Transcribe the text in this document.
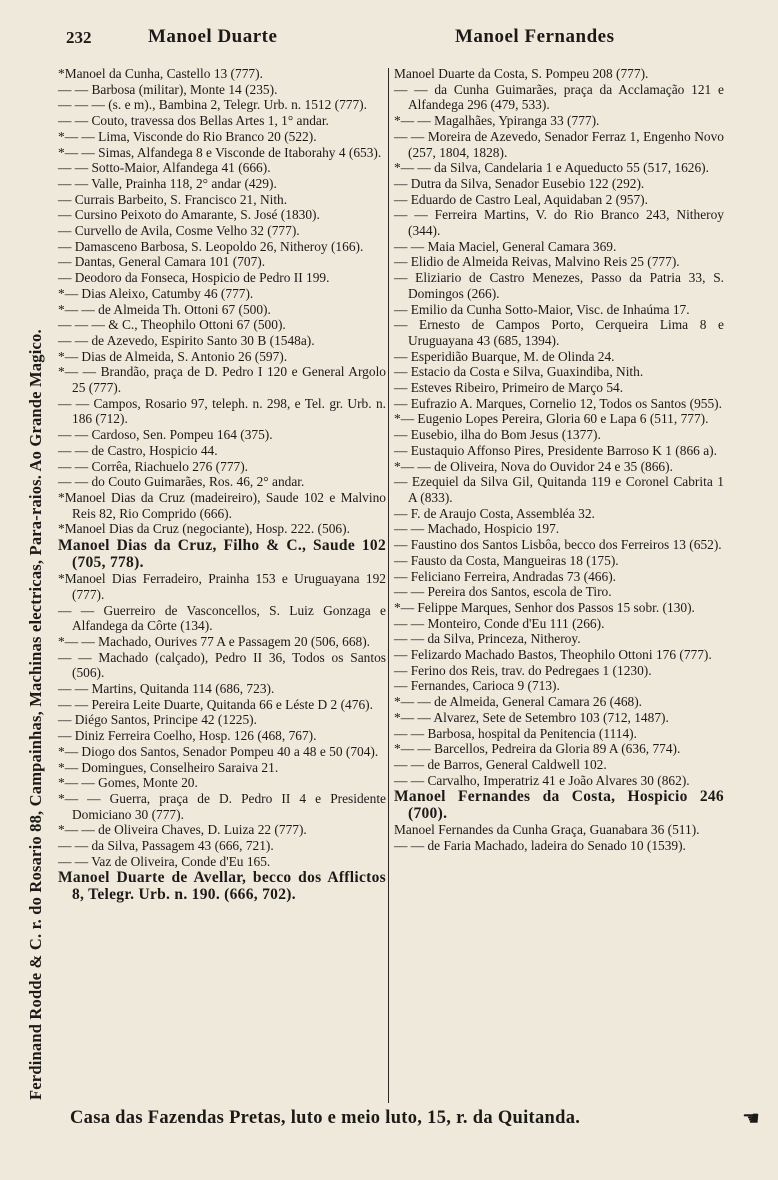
232	Manoel Duarte	Manoel Fernandes
Ferdinand Rodde & C. r. do Rosario 88, Campainhas, Machinas electricas, Para-raios. Ao Grande Magico.

*Manoel da Cunha, Castello 13 (777).

— — Barbosa (militar), Monte 14 (235).

— — — (s. e m)., Bambina 2, Telegr. Urb. n. 1512 (777).

— — Couto, travessa dos Bellas Artes 1, 1° andar.

*— — Lima, Visconde do Rio Branco 20 (522).

*— — Simas, Alfandega 8 e Visconde de Itaborahy 4 (653).

— — Sotto-Maior, Alfandega 41 (666).

— — Valle, Prainha 118, 2° andar (429).

— Currais Barbeito, S. Francisco 21, Nith.

— Cursino Peixoto do Amarante, S. José (1830).

— Curvello de Avila, Cosme Velho 32 (777).

— Damasceno Barbosa, S. Leopoldo 26, Nitheroy (166).

— Dantas, General Camara 101 (707).

— Deodoro da Fonseca, Hospicio de Pedro II 199.

*— Dias Aleixo, Catumby 46 (777).

*— — de Almeida Th. Ottoni 67 (500).

— — — & C., Theophilo Ottoni 67 (500).

— — de Azevedo, Espirito Santo 30 B (1548a).

*— Dias de Almeida, S. Antonio 26 (597).

*— — Brandão, praça de D. Pedro I 120 e General Argolo 25 (777).

— — Campos, Rosario 97, teleph. n. 298, e Tel. gr. Urb. n. 186 (712).

— — Cardoso, Sen. Pompeu 164 (375).

— — de Castro, Hospicio 44.

— — Corrêa, Riachuelo 276 (777).

— — do Couto Guimarães, Ros. 46, 2° andar.

*Manoel Dias da Cruz (madeireiro), Saude 102 e Malvino Reis 82, Rio Comprido (666).

*Manoel Dias da Cruz (negociante), Hosp. 222. (506).

Manoel Dias da Cruz, Filho & C., Saude 102 (705, 778).

*Manoel Dias Ferradeiro, Prainha 153 e Uruguayana 192 (777).

— — Guerreiro de Vasconcellos, S. Luiz Gonzaga e Alfandega da Côrte (134).

*— — Machado, Ourives 77 A e Passagem 20 (506, 668).

— — Machado (calçado), Pedro II 36, Todos os Santos (506).

— — Martins, Quitanda 114 (686, 723).

— — Pereira Leite Duarte, Quitanda 66 e Léste D 2 (476).

— Diégo Santos, Principe 42 (1225).

— Diniz Ferreira Coelho, Hosp. 126 (468, 767).

*— Diogo dos Santos, Senador Pompeu 40 a 48 e 50 (704).

*— Domingues, Conselheiro Saraiva 21.

*— — Gomes, Monte 20.

*— — Guerra, praça de D. Pedro II 4 e Presidente Domiciano 30 (777).

*— — de Oliveira Chaves, D. Luiza 22 (777).

— — da Silva, Passagem 43 (666, 721).

— — Vaz de Oliveira, Conde d'Eu 165.

Manoel Duarte de Avellar, becco dos Afflictos 8, Telegr. Urb. n. 190. (666, 702).

Manoel Duarte da Costa, S. Pompeu 208 (777).

— — da Cunha Guimarães, praça da Acclamação 121 e Alfandega 296 (479, 533).

*— — Magalhães, Ypiranga 33 (777).

— — Moreira de Azevedo, Senador Ferraz 1, Engenho Novo (257, 1804, 1828).

*— — da Silva, Candelaria 1 e Aqueducto 55 (517, 1626).

— Dutra da Silva, Senador Eusebio 122 (292).

— Eduardo de Castro Leal, Aquidaban 2 (957).

— — Ferreira Martins, V. do Rio Branco 243, Nitheroy (344).

— — Maia Maciel, General Camara 369.

— Elidio de Almeida Reivas, Malvino Reis 25 (777).

— Eliziario de Castro Menezes, Passo da Patria 33, S. Domingos (266).

— Emilio da Cunha Sotto-Maior, Visc. de Inhaúma 17.

— Ernesto de Campos Porto, Cerqueira Lima 8 e Uruguayana 43 (685, 1394).

— Esperidião Buarque, M. de Olinda 24.

— Estacio da Costa e Silva, Guaxindiba, Nith.

— Esteves Ribeiro, Primeiro de Março 54.

— Eufrazio A. Marques, Cornelio 12, Todos os Santos (955).

*— Eugenio Lopes Pereira, Gloria 60 e Lapa 6 (511, 777).

— Eusebio, ilha do Bom Jesus (1377).

— Eustaquio Affonso Pires, Presidente Barroso K 1 (866 a).

*— — de Oliveira, Nova do Ouvidor 24 e 35 (866).

— Ezequiel da Silva Gil, Quitanda 119 e Coronel Cabrita 1 A (833).

— F. de Araujo Costa, Assembléa 32.

— — Machado, Hospicio 197.

— Faustino dos Santos Lisbôa, becco dos Ferreiros 13 (652).

— Fausto da Costa, Mangueiras 18 (175).

— Feliciano Ferreira, Andradas 73 (466).

— — Pereira dos Santos, escola de Tiro.

*— Felippe Marques, Senhor dos Passos 15 sobr. (130).

— — Monteiro, Conde d'Eu 111 (266).

— — da Silva, Princeza, Nitheroy.

— Felizardo Machado Bastos, Theophilo Ottoni 176 (777).

— Ferino dos Reis, trav. do Pedregaes 1 (1230).

— Fernandes, Carioca 9 (713).

*— — de Almeida, General Camara 26 (468).

*— — Alvarez, Sete de Setembro 103 (712, 1487).

— — Barbosa, hospital da Penitencia (1114).

*— — Barcellos, Pedreira da Gloria 89 A (636, 774).

— — de Barros, General Caldwell 102.

— — Carvalho, Imperatriz 41 e João Alvares 30 (862).

Manoel Fernandes da Costa, Hospicio 246 (700).

Manoel Fernandes da Cunha Graça, Guanabara 36 (511).

— — de Faria Machado, ladeira do Senado 10 (1539).

Casa das Fazendas Pretas, luto e meio luto, 15, r. da Quitanda.	☚
